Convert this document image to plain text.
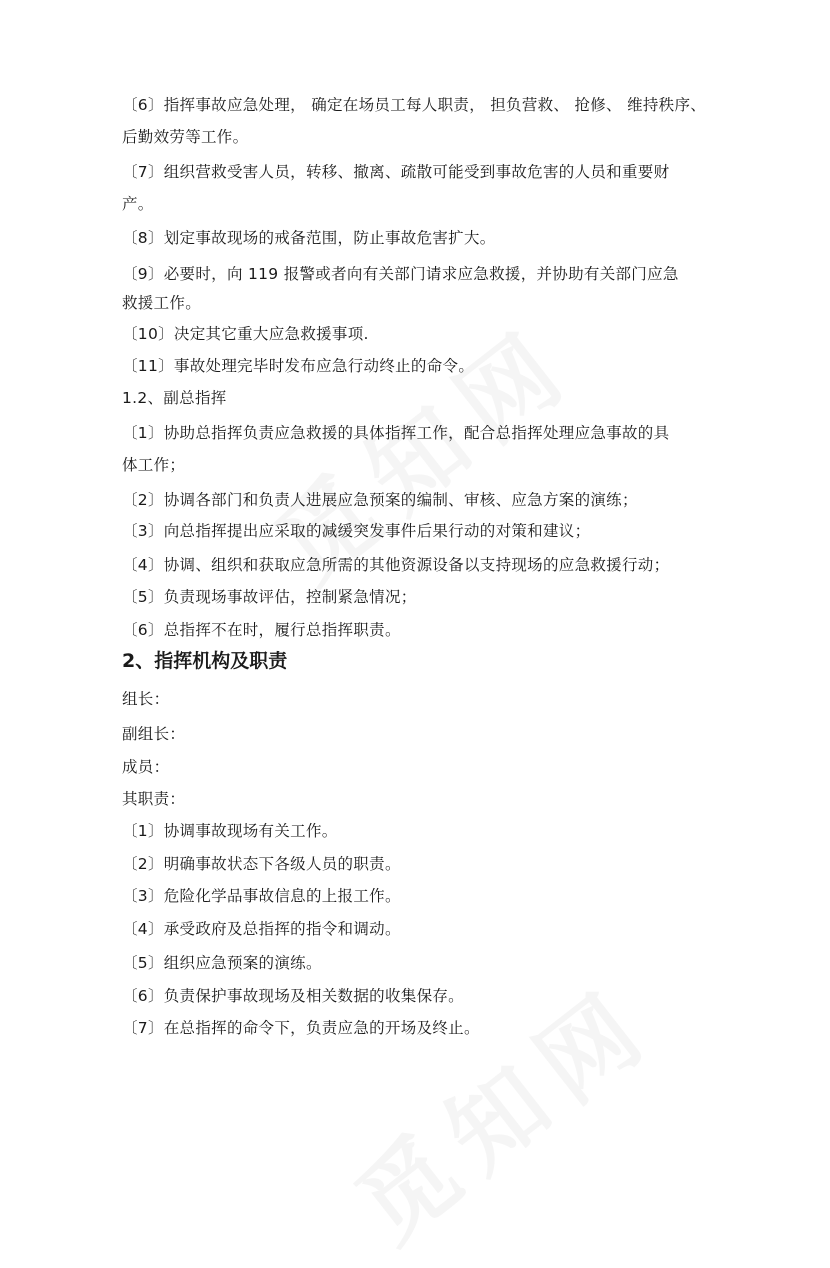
〔6〕指挥事故应急处理， 确定在场员工每人职责， 担负营救、 抢修、 维持秩序、
后勤效劳等工作。
〔7〕组织营救受害人员，转移、撤离、疏散可能受到事故危害的人员和重要财
产。
〔8〕划定事故现场的戒备范围，防止事故危害扩大。
〔9〕必要时，向 119 报警或者向有关部门请求应急救援，并协助有关部门应急
救援工作。
〔10〕决定其它重大应急救援事项.
〔11〕事故处理完毕时发布应急行动终止的命令。
1.2、副总指挥
〔1〕协助总指挥负责应急救援的具体指挥工作，配合总指挥处理应急事故的具
体工作；
〔2〕协调各部门和负责人进展应急预案的编制、审核、应急方案的演练；
〔3〕向总指挥提出应采取的减缓突发事件后果行动的对策和建议；
〔4〕协调、组织和获取应急所需的其他资源设备以支持现场的应急救援行动；
〔5〕负责现场事故评估，控制紧急情况；
〔6〕总指挥不在时，履行总指挥职责。
2、指挥机构及职责
组长：
副组长：
成员：
其职责：
〔1〕协调事故现场有关工作。
〔2〕明确事故状态下各级人员的职责。
〔3〕危险化学品事故信息的上报工作。
〔4〕承受政府及总指挥的指令和调动。
〔5〕组织应急预案的演练。
〔6〕负责保护事故现场及相关数据的收集保存。
〔7〕在总指挥的命令下，负责应急的开场及终止。
